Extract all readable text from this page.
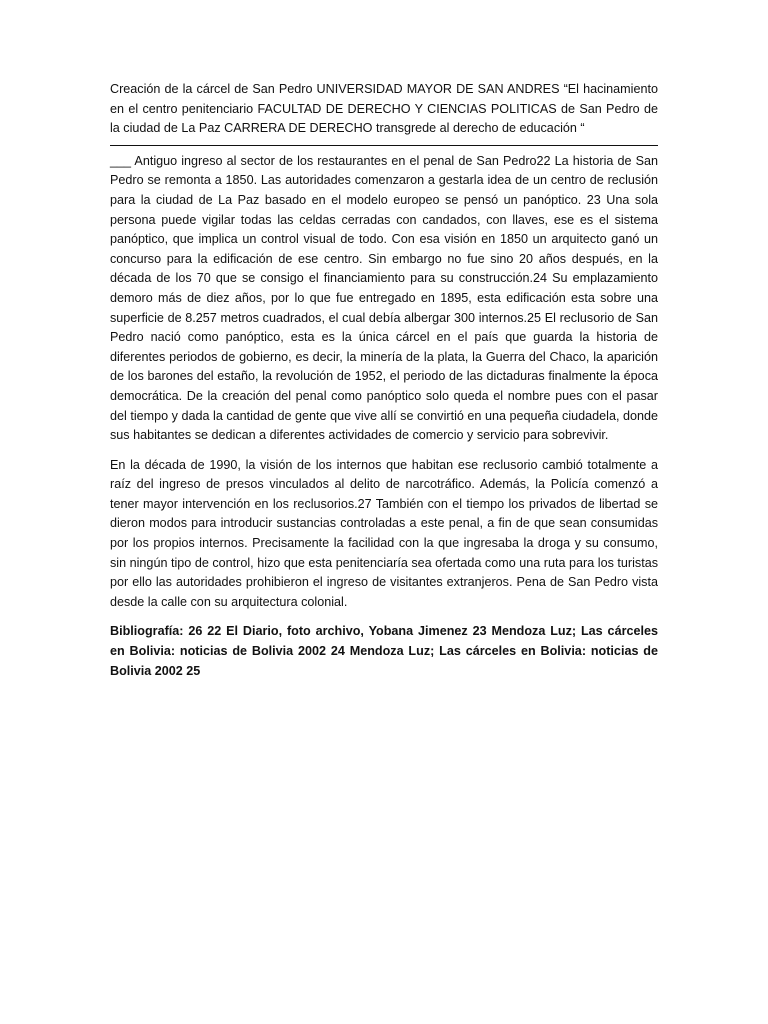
Creación de la cárcel de San Pedro UNIVERSIDAD MAYOR DE SAN ANDRES “El hacinamiento en el centro penitenciario FACULTAD DE DERECHO Y CIENCIAS POLITICAS de San Pedro de la ciudad de La Paz CARRERA DE DERECHO transgrede al derecho de educación “
___ Antiguo ingreso al sector de los restaurantes en el penal de San Pedro22 La historia de San Pedro se remonta a 1850. Las autoridades comenzaron a gestarla idea de un centro de reclusión para la ciudad de La Paz basado en el modelo europeo se pensó un panóptico. 23 Una sola persona puede vigilar todas las celdas cerradas con candados, con llaves, ese es el sistema panóptico, que implica un control visual de todo. Con esa visión en 1850 un arquitecto ganó un concurso para la edificación de ese centro. Sin embargo no fue sino 20 años después, en la década de los 70 que se consigo el financiamiento para su construcción.24 Su emplazamiento demoro más de diez años, por lo que fue entregado en 1895, esta edificación esta sobre una superficie de 8.257 metros cuadrados, el cual debía albergar 300 internos.25 El reclusorio de San Pedro nació como panóptico, esta es la única cárcel en el país que guarda la historia de diferentes periodos de gobierno, es decir, la minería de la plata, la Guerra del Chaco, la aparición de los barones del estaño, la revolución de 1952, el periodo de las dictaduras finalmente la época democrática. De la creación del penal como panóptico solo queda el nombre pues con el pasar del tiempo y dada la cantidad de gente que vive allí se convirtió en una pequeña ciudadela, donde sus habitantes se dedican a diferentes actividades de comercio y servicio para sobrevivir.

En la década de 1990, la visión de los internos que habitan ese reclusorio cambió totalmente a raíz del ingreso de presos vinculados al delito de narcotráfico. Además, la Policía comenzó a tener mayor intervención en los reclusorios.27 También con el tiempo los privados de libertad se dieron modos para introducir sustancias controladas a este penal, a fin de que sean consumidas por los propios internos. Precisamente la facilidad con la que ingresaba la droga y su consumo, sin ningún tipo de control, hizo que esta penitenciaría sea ofertada como una ruta para los turistas por ello las autoridades prohibieron el ingreso de visitantes extranjeros. Pena de San Pedro vista desde la calle con su arquitectura colonial.

Bibliografía: 26 22 El Diario, foto archivo, Yobana Jimenez 23 Mendoza Luz; Las cárceles en Bolivia: noticias de Bolivia 2002 24 Mendoza Luz; Las cárceles en Bolivia: noticias de Bolivia 2002 25
